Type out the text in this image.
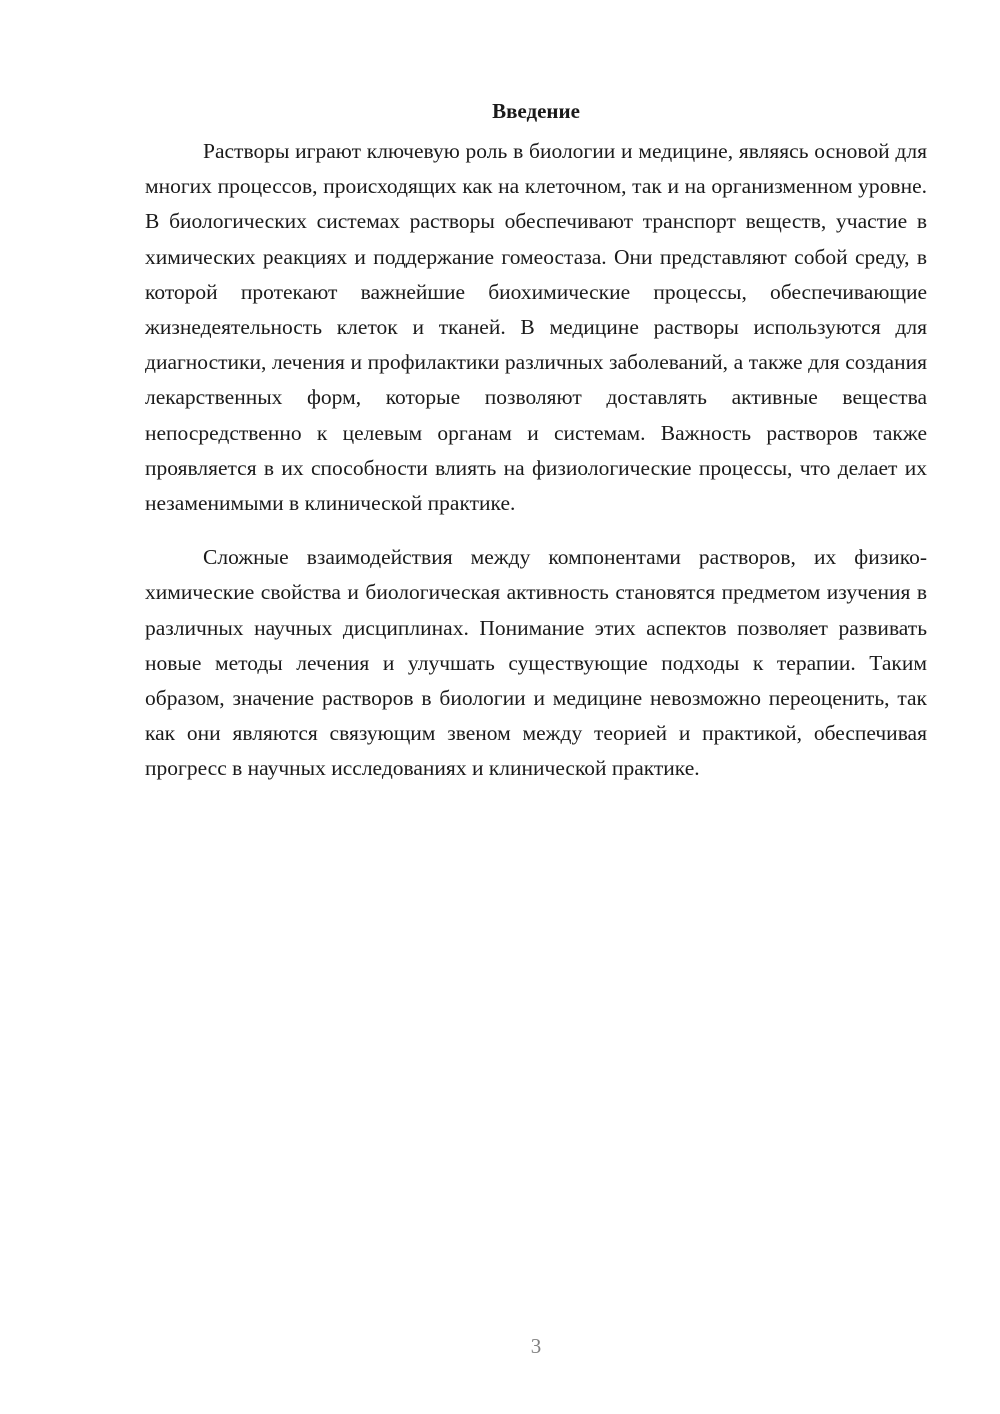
Введение

Растворы играют ключевую роль в биологии и медицине, являясь основой для многих процессов, происходящих как на клеточном, так и на организменном уровне. В биологических системах растворы обеспечивают транспорт веществ, участие в химических реакциях и поддержание гомеостаза. Они представляют собой среду, в которой протекают важнейшие биохимические процессы, обеспечивающие жизнедеятельность клеток и тканей. В медицине растворы используются для диагностики, лечения и профилактики различных заболеваний, а также для создания лекарственных форм, которые позволяют доставлять активные вещества непосредственно к целевым органам и системам. Важность растворов также проявляется в их способности влиять на физиологические процессы, что делает их незаменимыми в клинической практике.

Сложные взаимодействия между компонентами растворов, их физико-химические свойства и биологическая активность становятся предметом изучения в различных научных дисциплинах. Понимание этих аспектов позволяет развивать новые методы лечения и улучшать существующие подходы к терапии. Таким образом, значение растворов в биологии и медицине невозможно переоценить, так как они являются связующим звеном между теорией и практикой, обеспечивая прогресс в научных исследованиях и клинической практике.

3
